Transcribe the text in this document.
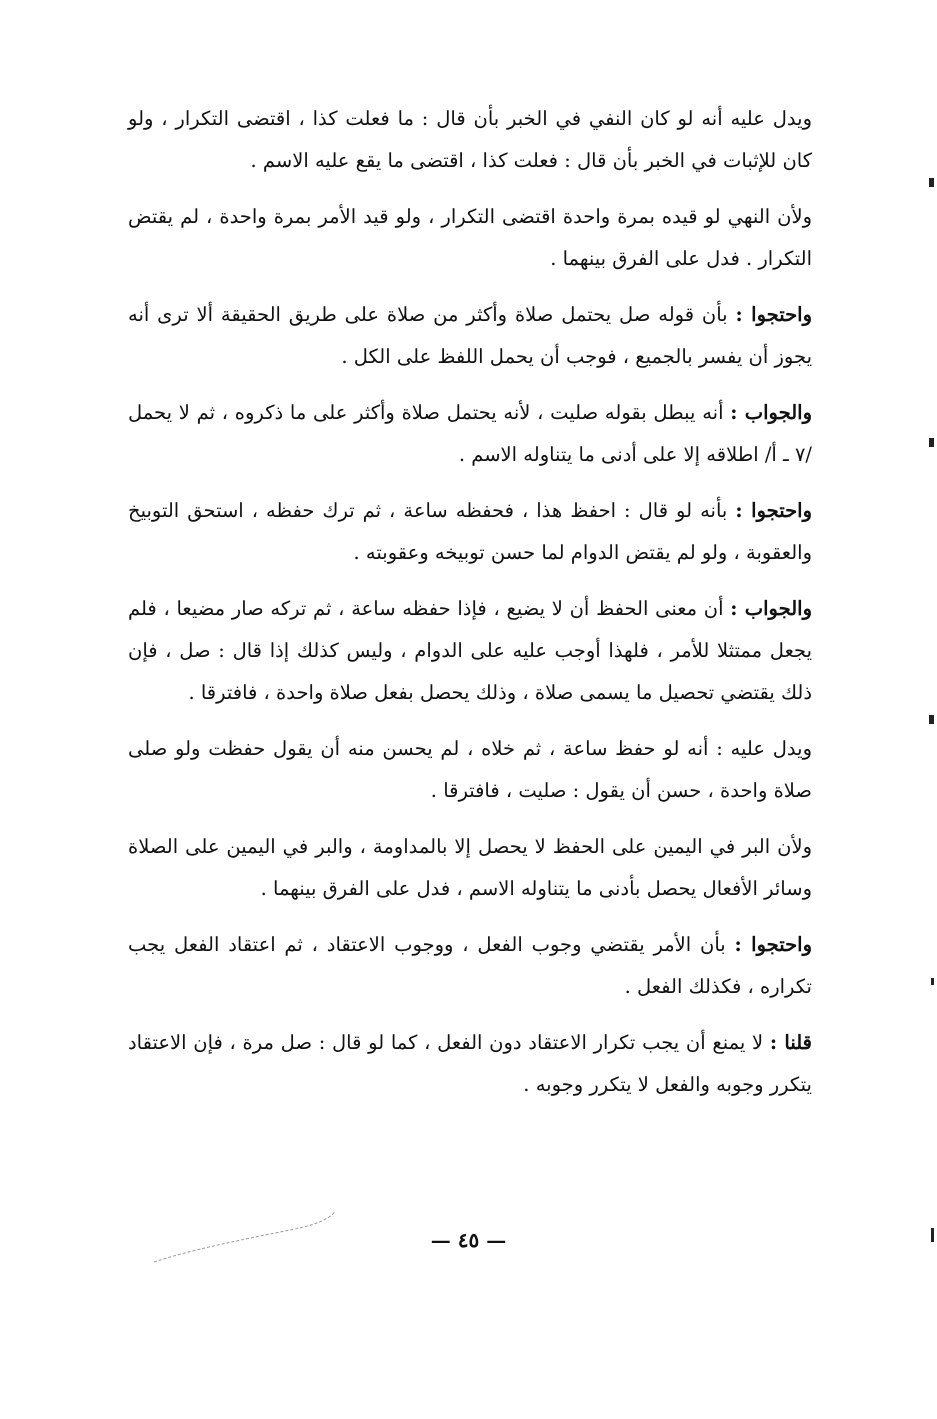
ويدل عليه أنه لو كان النفي في الخبر بأن قال : ما فعلت كذا ، اقتضى التكرار ، ولو كان للإثبات في الخبر بأن قال : فعلت كذا ، اقتضى ما يقع عليه الاسم .

ولأن النهي لو قيده بمرة واحدة اقتضى التكرار ، ولو قيد الأمر بمرة واحدة ، لم يقتض التكرار . فدل على الفرق بينهما .

واحتجوا : بأن قوله صل يحتمل صلاة وأكثر من صلاة على طريق الحقيقة ألا ترى أنه يجوز أن يفسر بالجميع ، فوجب أن يحمل اللفظ على الكل .

والجواب : أنه يبطل بقوله صليت ، لأنه يحتمل صلاة وأكثر على ما ذكروه ، ثم لا يحمل /٧ ـ أ/ اطلاقه إلا على أدنى ما يتناوله الاسم .

واحتجوا : بأنه لو قال : احفظ هذا ، فحفظه ساعة ، ثم ترك حفظه ، استحق التوبيخ والعقوبة ، ولو لم يقتض الدوام لما حسن توبيخه وعقوبته .

والجواب : أن معنى الحفظ أن لا يضيع ، فإذا حفظه ساعة ، ثم تركه صار مضيعا ، فلم يجعل ممتثلا للأمر ، فلهذا أوجب عليه على الدوام ، وليس كذلك إذا قال : صل ، فإن ذلك يقتضي تحصيل ما يسمى صلاة ، وذلك يحصل بفعل صلاة واحدة ، فافترقا .

ويدل عليه : أنه لو حفظ ساعة ، ثم خلاه ، لم يحسن منه أن يقول حفظت ولو صلى صلاة واحدة ، حسن أن يقول : صليت ، فافترقا .

ولأن البر في اليمين على الحفظ لا يحصل إلا بالمداومة ، والبر في اليمين على الصلاة وسائر الأفعال يحصل بأدنى ما يتناوله الاسم ، فدل على الفرق بينهما .

واحتجوا : بأن الأمر يقتضي وجوب الفعل ، ووجوب الاعتقاد ، ثم اعتقاد الفعل يجب تكراره ، فكذلك الفعل .

قلنا : لا يمنع أن يجب تكرار الاعتقاد دون الفعل ، كما لو قال : صل مرة ، فإن الاعتقاد يتكرر وجوبه والفعل لا يتكرر وجوبه .

— ٤٥ —
